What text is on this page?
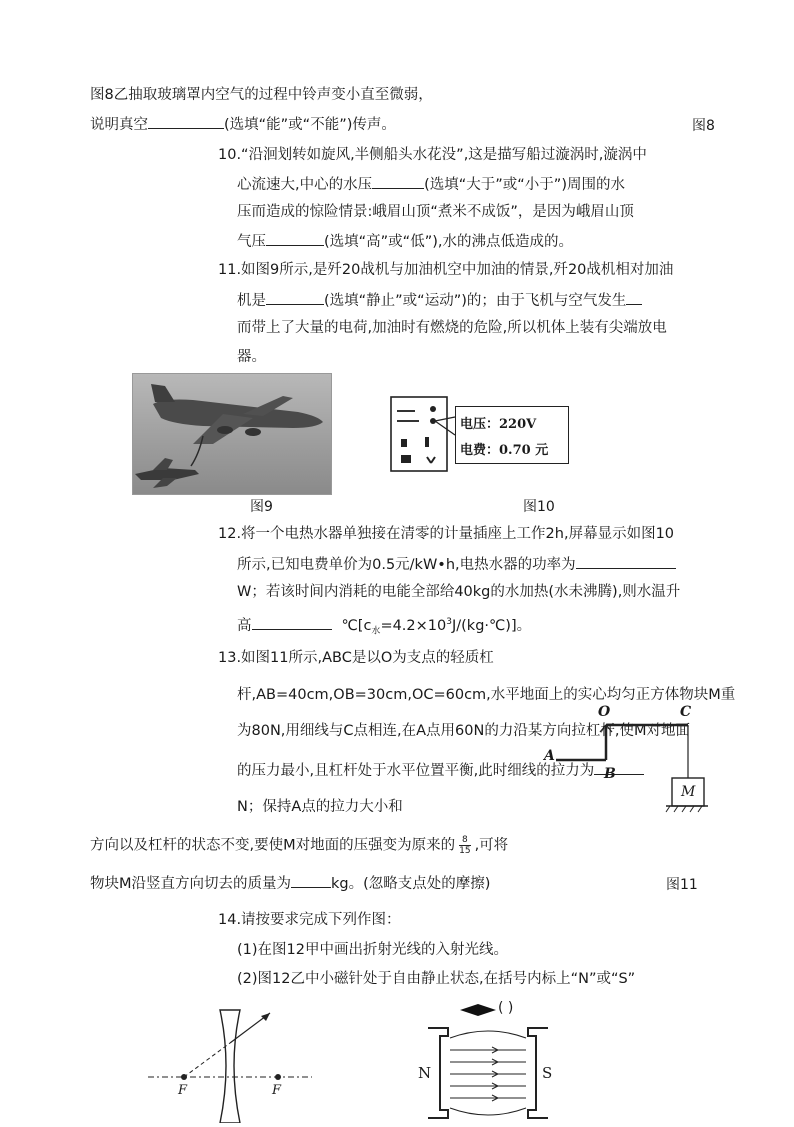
图8乙抽取玻璃罩内空气的过程中铃声变小直至微弱，
说明真空	(选填“能”或“不能”)传声。	图8
10.“沿洄划转如旋风,半侧船头水花没”,这是描写船过漩涡时,漩涡中
心流速大,中心的水压	(选填“大于”或“小于”)周围的水
压而造成的惊险情景:峨眉山顶“煮米不成饭”，是因为峨眉山顶
气压	(选填“高”或“低”),水的沸点低造成的。
11.如图9所示,是歼20战机与加油机空中加油的情景,歼20战机相对加油
机是	(选填“静止”或“运动”)的；由于飞机与空气发生
而带上了大量的电荷,加油时有燃烧的危险,所以机体上装有尖端放电
器。
图9
电压：220V
电费：0.70 元
图10
12.将一个电热水器单独接在清零的计量插座上工作2h,屏幕显示如图10
所示,已知电费单价为0.5元/kW•h,电热水器的功率为
W；若该时间内消耗的电能全部给40kg的水加热(水未沸腾),则水温升
高	$℃[c_水=4.2\times 10^3J/(kg\cdot℃)]$。
13.如图11所示,ABC是以O为支点的轻质杠
杆,AB=40cm,OB=30cm,OC=60cm,水平地面上的实心均匀正方体物块M重
为80N,用细线与C点相连,在A点用60N的力沿某方向拉杠杆,使M对地面
的压力最小,且杠杆处于水平位置平衡,此时细线的拉力为
N；保持A点的拉力大小和
O	C
A
B
M
方向以及杠杆的状态不变,要使M对地面的压强变为原来的 $\frac{8}{15}$ ,可将
物块M沿竖直方向切去的质量为	kg。(忽略支点处的摩擦)	图11
14.请按要求完成下列作图：
(1)在图12甲中画出折射光线的入射光线。
(2)图12乙中小磁针处于自由静止状态,在括号内标上“N”或“S”
F	F
( )
N	S
